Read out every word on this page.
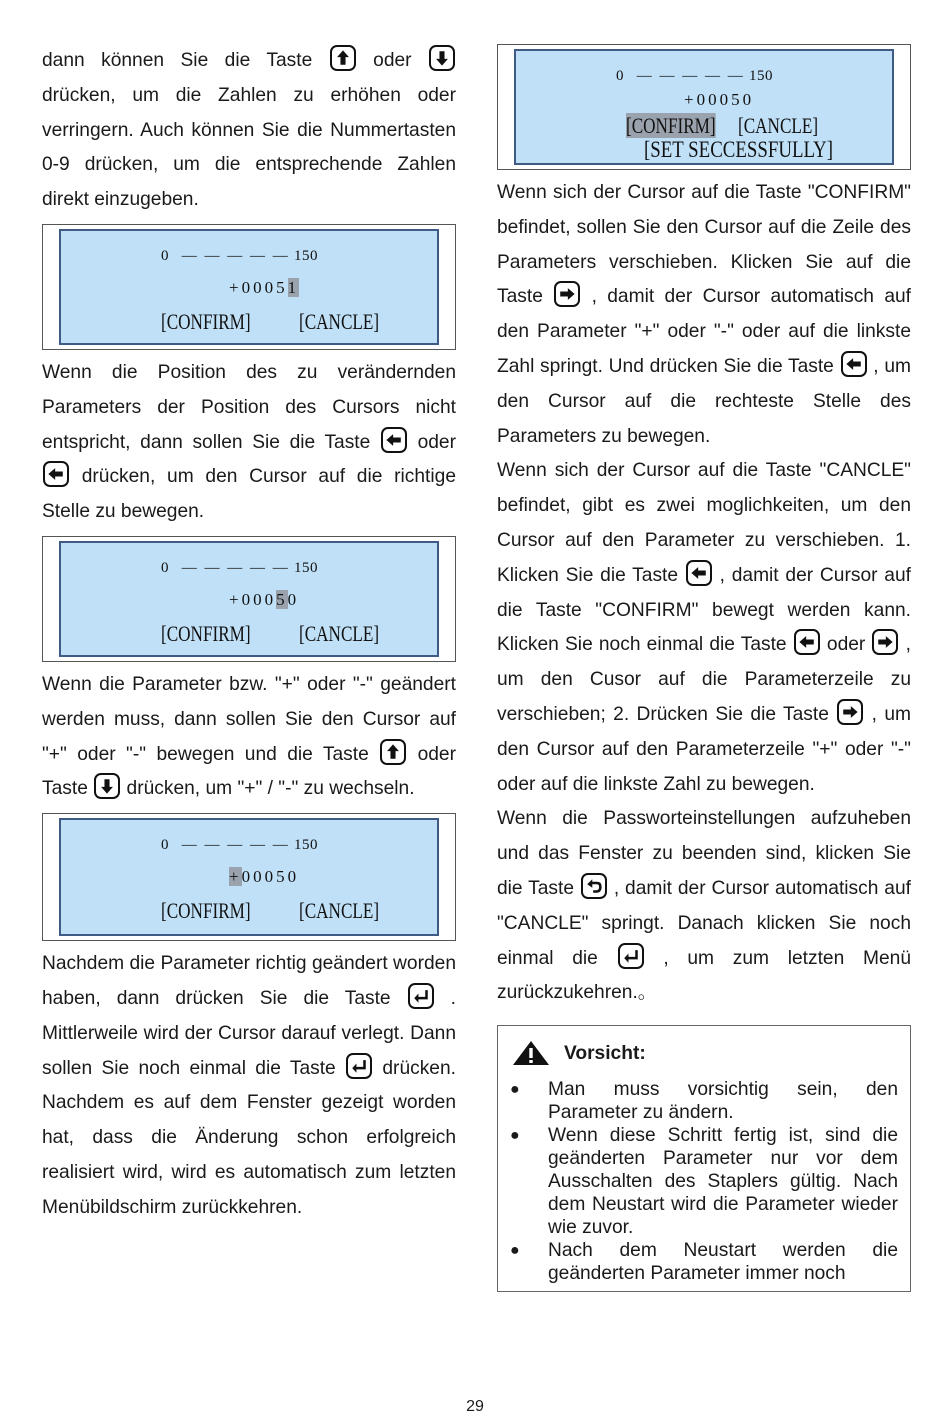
dann können Sie die Taste	oder
drücken, um die Zahlen zu erhöhen oder verringern. Auch können Sie die Nummertasten 0-9 drücken, um die entsprechende Zahlen direkt einzugeben.

0 — — — — — 150
+00051
[CONFIRM] [CANCLE]

Wenn die Position des zu verändernden Parameters der Position des Cursors nicht entspricht, dann sollen Sie die Taste oder
drücken, um den Cursor auf die richtige Stelle zu bewegen.

0 — — — — — 150
+00050
[CONFIRM] [CANCLE]

Wenn die Parameter bzw. "+" oder "-" geändert werden muss, dann sollen Sie den Cursor auf "+" oder "-" bewegen und die Taste	oder Taste drücken, um "+" / "-" zu wechseln.

0 — — — — — 150
+00050
[CONFIRM] [CANCLE]

Nachdem die Parameter richtig geändert worden haben, dann drücken Sie die Taste	. Mittlerweile wird der Cursor darauf verlegt. Dann sollen Sie noch einmal die Taste drücken. Nachdem es auf dem Fenster gezeigt worden hat, dass die Änderung schon erfolgreich realisiert wird, wird es automatisch zum letzten Menübildschirm zurückkehren.

0 — — — — — 150
+00050
[CONFIRM] [CANCLE]
[SET SECCESSFULLY]

Wenn sich der Cursor auf die Taste "CONFIRM" befindet, sollen Sie den Cursor auf die Zeile des Parameters verschieben. Klicken Sie auf die Taste	, damit der Cursor automatisch auf den Parameter "+" oder "-" oder auf die linkste Zahl springt. Und drücken Sie die Taste , um den Cursor auf die rechteste Stelle des Parameters zu bewegen.

Wenn sich der Cursor auf die Taste "CANCLE" befindet, gibt es zwei moglichkeiten, um den Cursor auf den Parameter zu verschieben. 1. Klicken Sie die Taste , damit der Cursor auf die Taste "CONFIRM" bewegt werden kann. Klicken Sie noch einmal die Taste oder , um den Cusor auf die Parameterzeile zu verschieben; 2. Drücken Sie die Taste , um den Cursor auf den Parameterzeile "+" oder "-" oder auf die linkste Zahl zu bewegen.

Wenn die Passworteinstellungen aufzuheben und das Fenster zu beenden sind, klicken Sie die Taste , damit der Cursor automatisch auf "CANCLE" springt. Danach klicken Sie noch einmal die	, um zum letzten Menü zurückzukehren.。

Vorsicht:
●	Man muss vorsichtig sein, den Parameter zu ändern.
●	Wenn diese Schritt fertig ist, sind die geänderten Parameter nur vor dem Ausschalten des Staplers gültig. Nach dem Neustart wird die Parameter wieder wie zuvor.
●	Nach dem Neustart werden die geänderten Parameter immer noch
29
